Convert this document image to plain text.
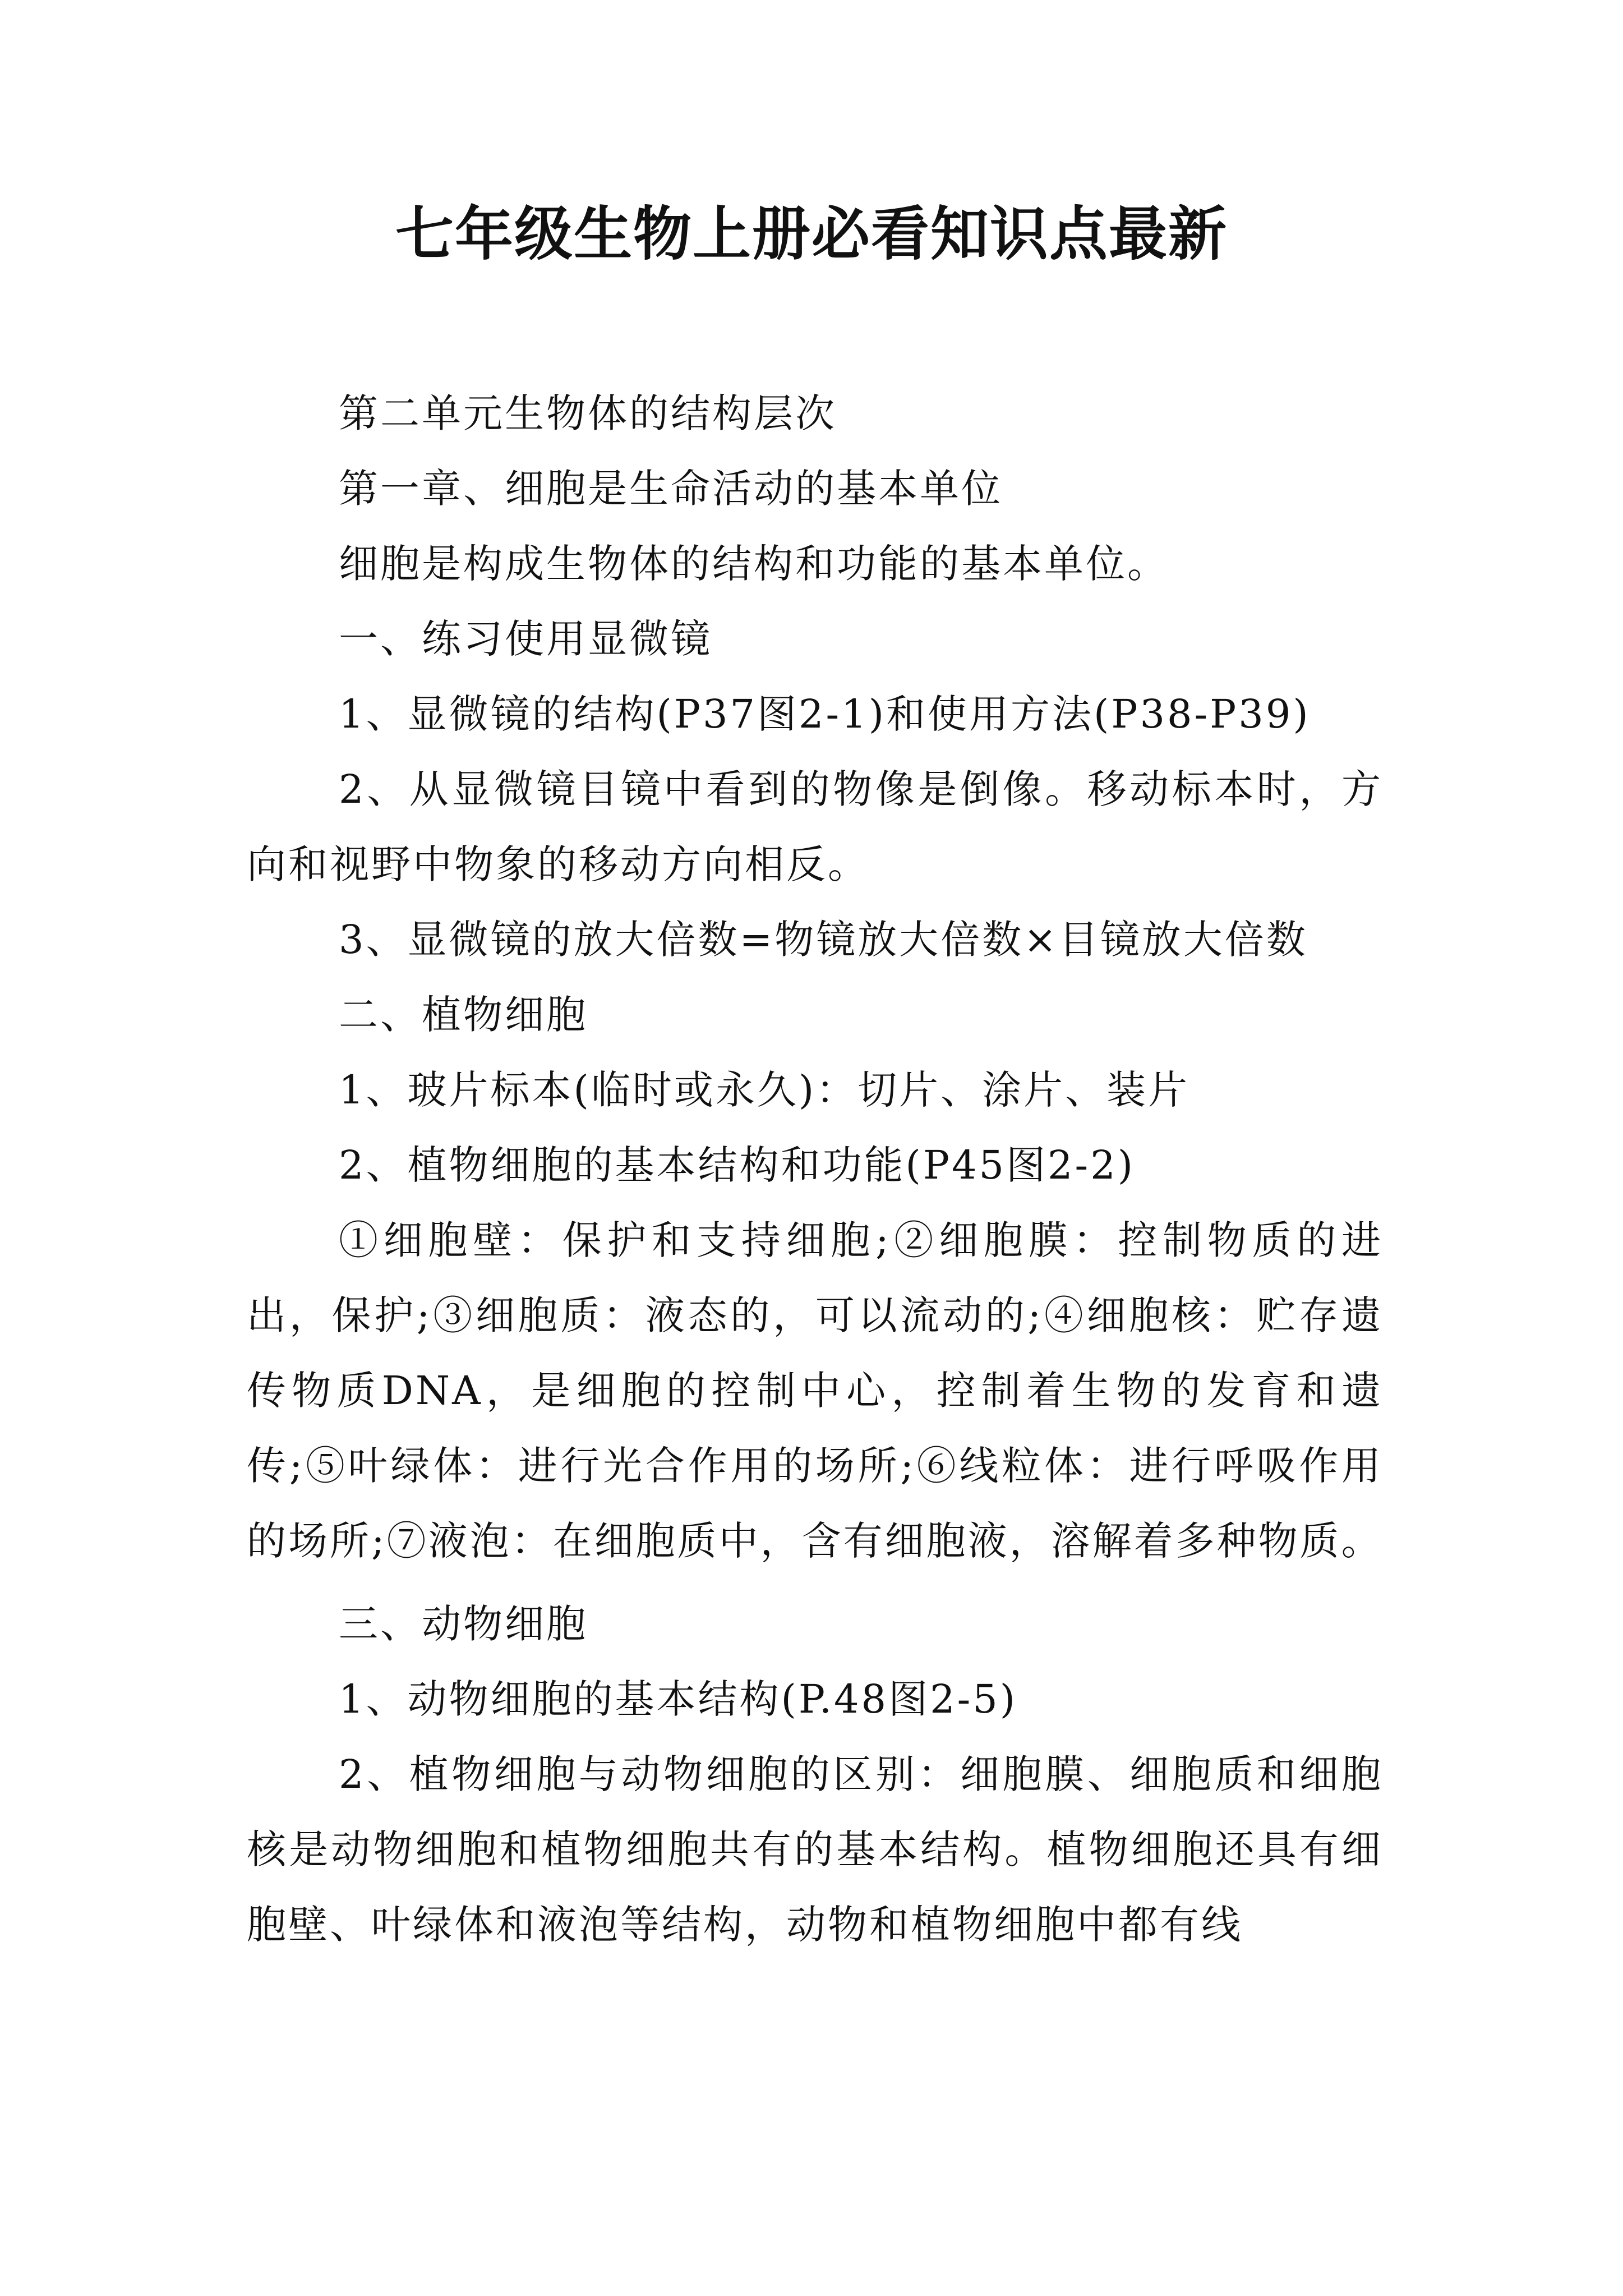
七年级生物上册必看知识点最新

第二单元生物体的结构层次

第一章、细胞是生命活动的基本单位

细胞是构成生物体的结构和功能的基本单位。

一、练习使用显微镜

1、显微镜的结构(P37图2-1)和使用方法(P38-P39)

2、从显微镜目镜中看到的物像是倒像。移动标本时，方向和视野中物象的移动方向相反。

3、显微镜的放大倍数=物镜放大倍数×目镜放大倍数

二、植物细胞

1、玻片标本(临时或永久)：切片、涂片、装片

2、植物细胞的基本结构和功能(P45图2-2)

①细胞壁：保护和支持细胞;②细胞膜：控制物质的进出，保护;③细胞质：液态的，可以流动的;④细胞核：贮存遗传物质DNA，是细胞的控制中心，控制着生物的发育和遗传;⑤叶绿体：进行光合作用的场所;⑥线粒体：进行呼吸作用的场所;⑦液泡：在细胞质中，含有细胞液，溶解着多种物质。

三、动物细胞

1、动物细胞的基本结构(P.48图2-5)

2、植物细胞与动物细胞的区别：细胞膜、细胞质和细胞核是动物细胞和植物细胞共有的基本结构。植物细胞还具有细胞壁、叶绿体和液泡等结构，动物和植物细胞中都有线
